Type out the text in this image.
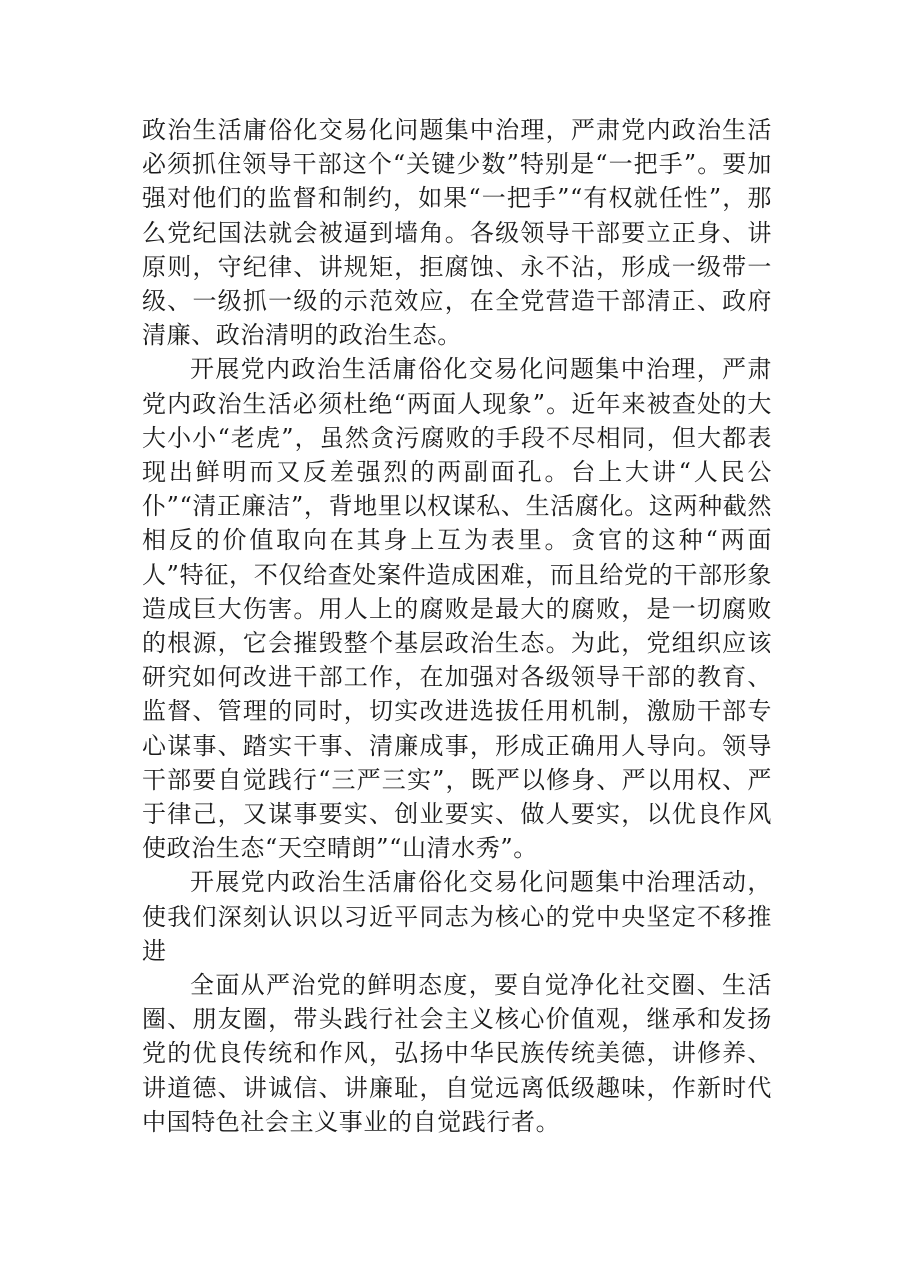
政治生活庸俗化交易化问题集中治理，严肃党内政治生活必须抓住领导干部这个“关键少数”特别是“一把手”。要加强对他们的监督和制约，如果“一把手”“有权就任性”，那么党纪国法就会被逼到墙角。各级领导干部要立正身、讲原则，守纪律、讲规矩，拒腐蚀、永不沾，形成一级带一级、一级抓一级的示范效应，在全党营造干部清正、政府清廉、政治清明的政治生态。

开展党内政治生活庸俗化交易化问题集中治理，严肃党内政治生活必须杜绝“两面人现象”。近年来被查处的大大小小“老虎”，虽然贪污腐败的手段不尽相同，但大都表现出鲜明而又反差强烈的两副面孔。台上大讲“人民公仆”“清正廉洁”，背地里以权谋私、生活腐化。这两种截然相反的价值取向在其身上互为表里。贪官的这种“两面人”特征，不仅给查处案件造成困难，而且给党的干部形象造成巨大伤害。用人上的腐败是最大的腐败，是一切腐败的根源，它会摧毁整个基层政治生态。为此，党组织应该研究如何改进干部工作，在加强对各级领导干部的教育、监督、管理的同时，切实改进选拔任用机制，激励干部专心谋事、踏实干事、清廉成事，形成正确用人导向。领导干部要自觉践行“三严三实”，既严以修身、严以用权、严于律己，又谋事要实、创业要实、做人要实，以优良作风使政治生态“天空晴朗”“山清水秀”。

开展党内政治生活庸俗化交易化问题集中治理活动，使我们深刻认识以习近平同志为核心的党中央坚定不移推进

全面从严治党的鲜明态度，要自觉净化社交圈、生活圈、朋友圈，带头践行社会主义核心价值观，继承和发扬党的优良传统和作风，弘扬中华民族传统美德，讲修养、讲道德、讲诚信、讲廉耻，自觉远离低级趣味，作新时代中国特色社会主义事业的自觉践行者。
